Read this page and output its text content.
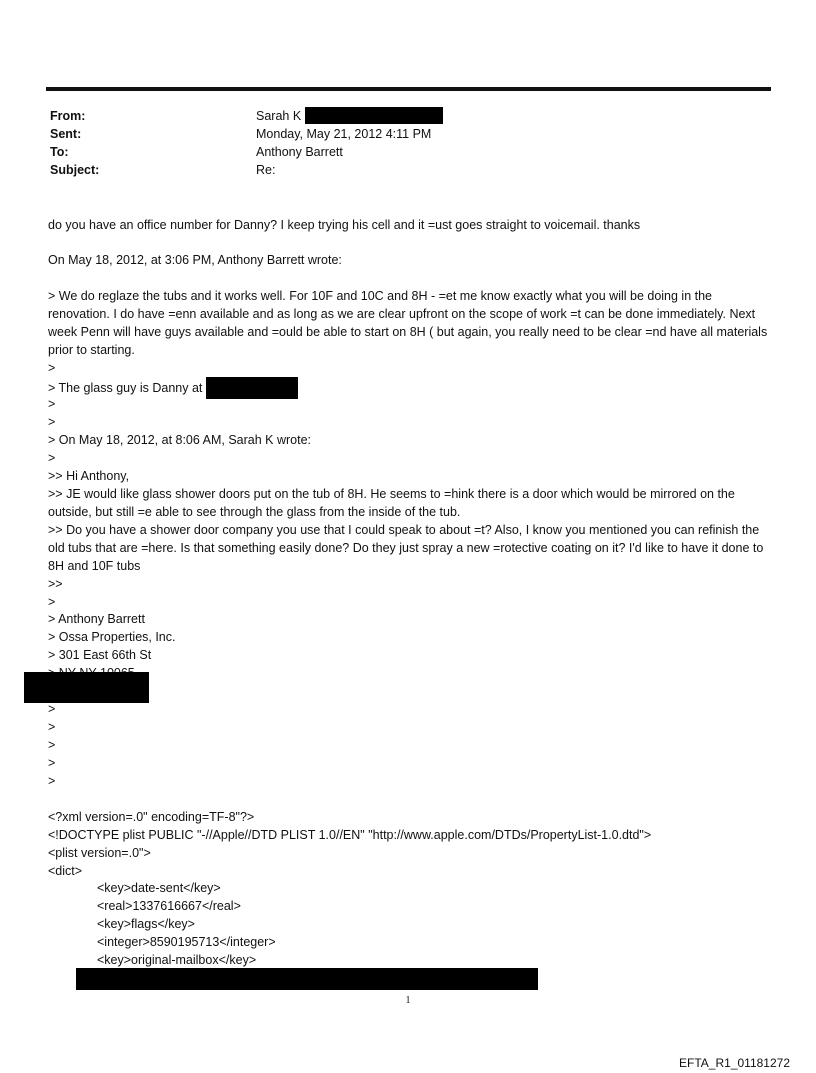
From:	Sarah K
Sent:	Monday, May 21, 2012 4:11 PM
To:	Anthony Barrett
Subject:	Re:
do you have an office number for Danny? I keep trying his cell and it =ust goes straight to voicemail. thanks
On May 18, 2012, at 3:06 PM, Anthony Barrett wrote:
> We do reglaze the tubs and it works well. For 10F and 10C and 8H - =et me know exactly what you will be doing in the renovation. I do have =enn available and as long as we are clear upfront on the scope of work =t can be done immediately. Next week Penn will have guys available and =ould be able to start on 8H ( but again, you really need to be clear =nd have all materials prior to starting.
>
> The glass guy is Danny at
>
>
> On May 18, 2012, at 8:06 AM, Sarah K wrote:
>
>> Hi Anthony,
>> JE would like glass shower doors put on the tub of 8H. He seems to =hink there is a door which would be mirrored on the outside, but still =e able to see through the glass from the inside of the tub.
>> Do you have a shower door company you use that I could speak to about =t? Also, I know you mentioned you can refinish the old tubs that are =here. Is that something easily done? Do they just spray a new =rotective coating on it? I'd like to have it done to 8H and 10F tubs
>>
>
> Anthony Barrett
> Ossa Properties, Inc.
> 301 East 66th St
>
>
>
>
>
<?xml version=.0" encoding=TF-8"?>
<!DOCTYPE plist PUBLIC "-//Apple//DTD PLIST 1.0//EN" "http://www.apple.com/DTDs/PropertyList-1.0.dtd">
<plist version=.0">
<dict>
<key>date-sent</key>
<real>1337616667</real>
<key>flags</key>
<integer>8590195713</integer>
<key>original-mailbox</key>
1
EFTA_R1_01181272
